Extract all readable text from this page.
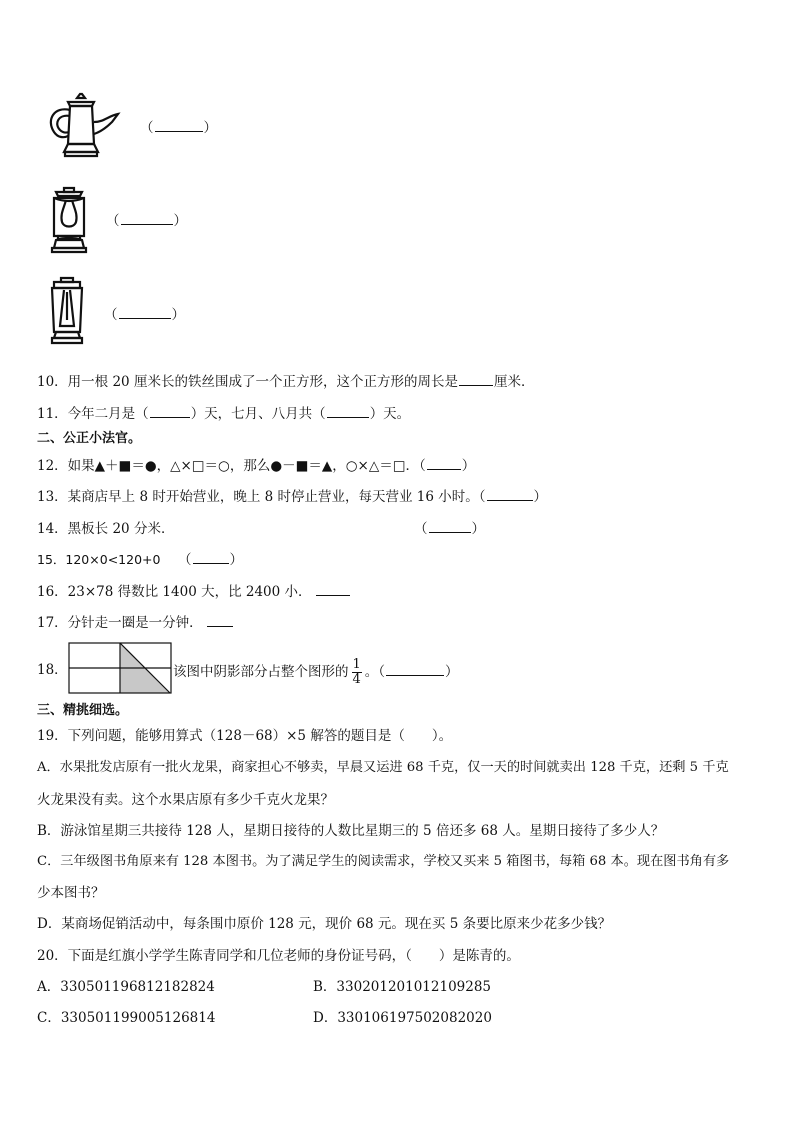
（	）
（	）
（	）
10．用一根 20 厘米长的铁丝围成了一个正方形，这个正方形的周长是	厘米．
11．今年二月是（	）天，七月、八月共（	）天。
二、公正小法官。
12．如果▲＋■＝●，△×□＝○，那么●－■＝▲，○×△＝□．（	）
13．某商店早上 8 时开始营业，晚上 8 时停止营业，每天营业 16 小时。（	）
14．黑板长 20 分米．	（	）
15．120×0<120+0 （	）
16．23×78 得数比 1400 大，比 2400 小．
17．分针走一圈是一分钟．
18．	该图中阴影部分占整个图形的 $\frac{1}{4}$ 。（	）
三、精挑细选。
19．下列问题，能够用算式（128－68）×5 解答的题目是（　　）。
A．水果批发店原有一批火龙果，商家担心不够卖，早晨又运进 68 千克，仅一天的时间就卖出 128 千克，还剩 5 千克
火龙果没有卖。这个水果店原有多少千克火龙果？
B．游泳馆星期三共接待 128 人，星期日接待的人数比星期三的 5 倍还多 68 人。星期日接待了多少人？
C．三年级图书角原来有 128 本图书。为了满足学生的阅读需求，学校又买来 5 箱图书，每箱 68 本。现在图书角有多
少本图书？
D．某商场促销活动中，每条围巾原价 128 元，现价 68 元。现在买 5 条要比原来少花多少钱？
20．下面是红旗小学学生陈青同学和几位老师的身份证号码，（　　）是陈青的。
A．330501196812182824	B．330201201012109285
C．330501199005126814	D．330106197502082020
